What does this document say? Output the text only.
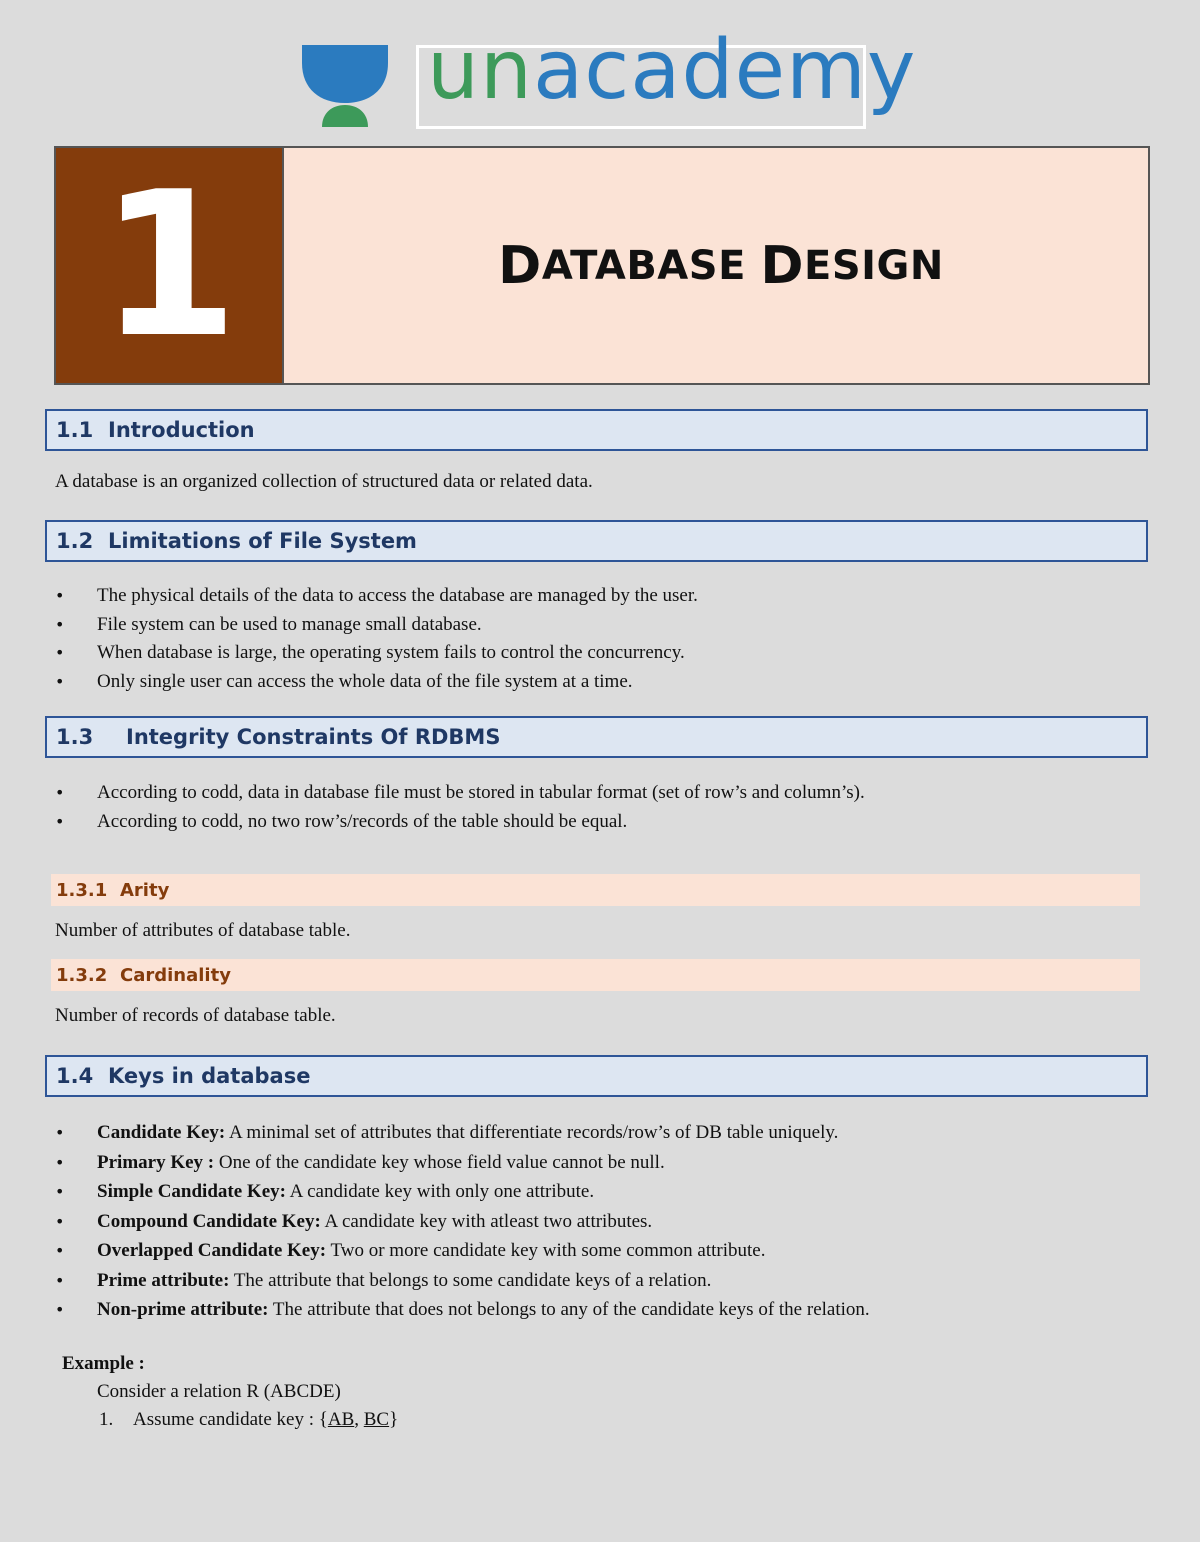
unacademy
1	D ATABASE
D ESIGN
1.1 Introduction
A database is an organized collection of structured data or related data.
1.2 Limitations of File System
• The physical details of the data to access the database are managed by the user.
• File system can be used to manage small database.
• When database is large, the operating system fails to control the concurrency.
• Only single user can access the whole data of the file system at a time.
1.3	Integrity Constraints Of RDBMS
• According to codd, data in database file must be stored in tabular format (set of row’s and column’s).
• According to codd, no two row’s/records of the table should be equal.
1.3.1 Arity
Number of attributes of database table.
1.3.2 Cardinality
Number of records of database table.
1.4 Keys in database
• Candidate Key: A minimal set of attributes that differentiate records/row’s of DB table uniquely.
• Primary Key : One of the candidate key whose field value cannot be null.
• Simple Candidate Key: A candidate key with only one attribute.
• Compound Candidate Key: A candidate key with atleast two attributes.
• Overlapped Candidate Key: Two or more candidate key with some common attribute.
• Prime attribute: The attribute that belongs to some candidate keys of a relation.
• Non-prime attribute: The attribute that does not belongs to any of the candidate keys of the relation.
Example :
Consider a relation R (ABCDE)
1. Assume candidate key : {AB, BC}
